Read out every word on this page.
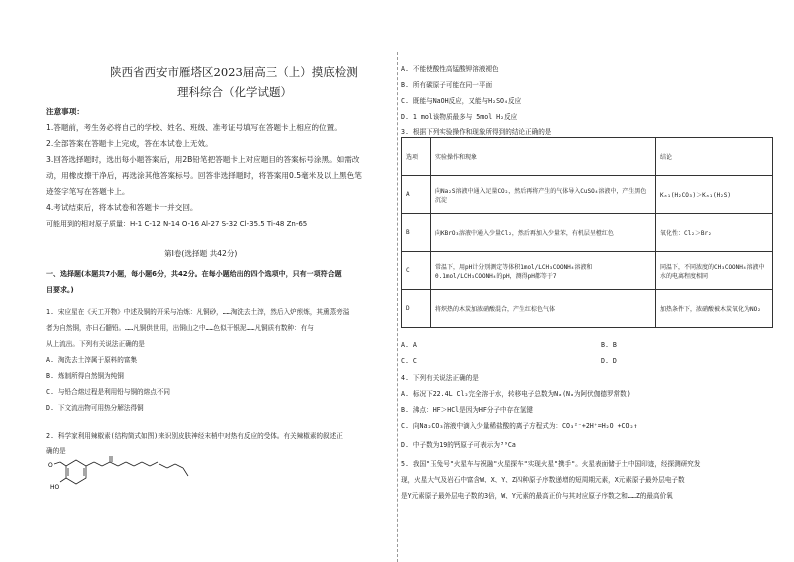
陕西省西安市雁塔区2023届高三（上）摸底检测
理科综合（化学试题）
注意事项：
1.答题前，考生务必将自己的学校、姓名、班级、准考证号填写在答题卡上相应的位置。
2.全部答案在答题卡上完成，答在本试卷上无效。
3.回答选择题时，选出每小题答案后，用2B铅笔把答题卡上对应题目的答案标号涂黑。如需改
动，用橡皮擦干净后，再选涂其他答案标号。回答非选择题时，将答案用0.5毫米及以上黑色笔
迹签字笔写在答题卡上。
4.考试结束后，将本试卷和答题卡一并交回。
可能用到的相对原子质量：H-1 C-12 N-14 O-16 Al-27 S-32 Cl-35.5 Ti-48 Zn-65
第Ⅰ卷(选择题 共42分)
一、选择题(本题共7小题，每小题6分，共42分。在每小题给出的四个选项中，只有一项符合题
目要求。)
1. 宋应星在《天工开物》中述及铜的开采与冶炼：凡铜砂，……淘洗去土滓，然后入炉煎炼，其熏蒸旁溢
者为自然铜，亦曰石髓铅。……凡铜供世用，出铜山之中……色似干银泥……凡铜质有数种：有与
从上流出。下列有关说法正确的是
A. 淘洗去土滓属于原料的富集
B. 炼制所得自然铜为纯铜
C. 与铅合熔过程是利用铅与铜的熔点不同
D. 下文流出物可用热分解法得铜
2. 科学家利用辣椒素(结构简式如图)来识别皮肤神经末梢中对热有反应的受体。有关辣椒素的叙述正
确的是
HO
O
A. 不能使酸性高锰酸钾溶液褪色
B. 所有碳原子可能在同一平面
C. 既能与NaOH反应，又能与H₂SO₄反应
D. 1 mol该物质最多与 5mol H₂反应
3. 根据下列实验操作和现象所得到的结论正确的是
选项	实验操作和现象	结论
A	向Na₂S溶液中通入足量CO₂，然后再将产生的气体导入CuSO₄溶液中，产生黑色沉淀	Kₐ₁(H₂CO₃)＞Kₐ₁(H₂S)
B	向KBrO₃溶液中通入少量Cl₂，然后再加入少量苯，有机层呈橙红色	氧化性：Cl₂＞Br₂
C	常温下，用pH计分别测定等体积1mol/LCH₃COONH₄溶液和0.1mol/LCH₃COONH₄的pH，测得pH都等于7	同温下，不同浓度的CH₃COONH₄溶液中水的电离程度相同
D	将炽热的木炭加浓硝酸混合，产生红棕色气体	加热条件下，浓硝酸被木炭氧化为NO₂
A. A	B. B
C. C	D. D
4. 下列有关说法正确的是
A. 标况下22.4L Cl₂完全溶于水，转移电子总数为Nₐ(Nₐ为阿伏伽德罗常数)
B. 沸点：HF＞HCl是因为HF分子中存在氢键
C. 向Na₂CO₃溶液中滴入少量稀盐酸的离子方程式为：CO₃²⁻+2H⁺=H₂O +CO₂↑
D. 中子数为19的钙原子可表示为³⁹Ca
5. 我国"玉兔号"火星车与祝融"火星探车"实现火星"携手"。火星表面储于土中国印迹，经探测研究发
现，火星大气及岩石中富含W、X、Y、Z四种原子序数递增的短周期元素，X元素原子最外层电子数
是Y元素原子最外层电子数的3倍，W、Y元素的最高正价与其对应原子序数之和……Z的最高价氧
